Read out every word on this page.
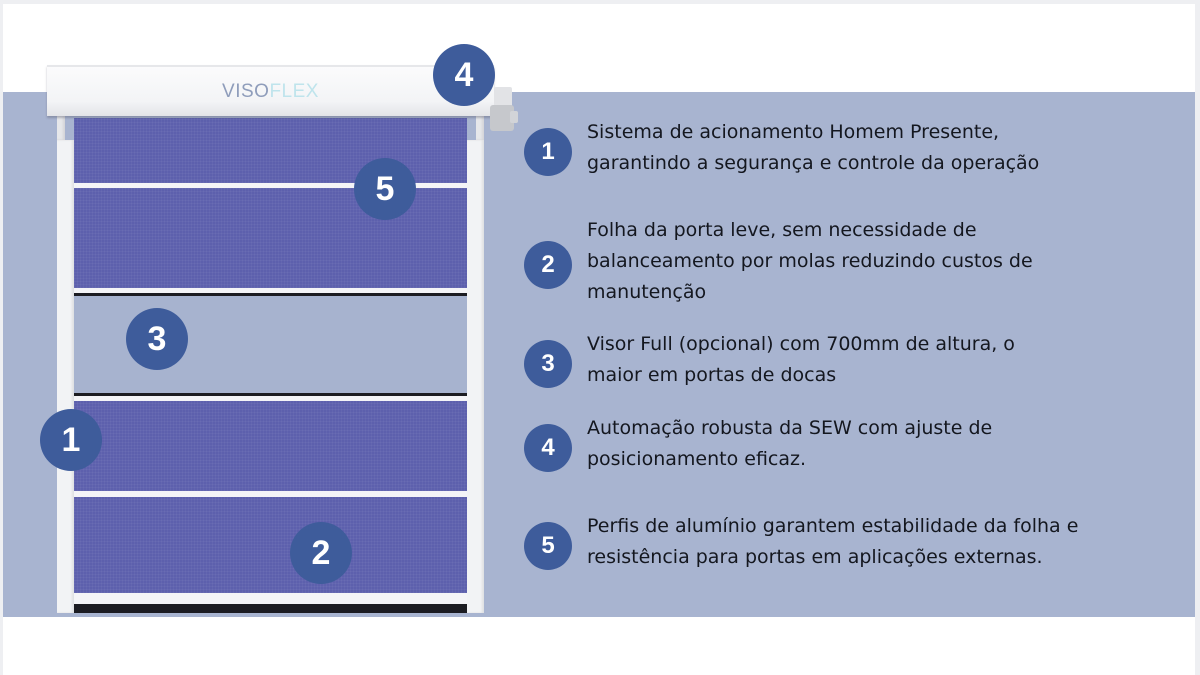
VISOFLEX	4
5
3
1
2
1
Sistema de acionamento Homem Presente,
garantindo a segurança e controle da operação
2
Folha da porta leve, sem necessidade de
balanceamento por molas reduzindo custos de
manutenção
3
Visor Full (opcional) com 700mm de altura, o
maior em portas de docas
4
Automação robusta da SEW com ajuste de
posicionamento eficaz.
5
Perfis de alumínio garantem estabilidade da folha e
resistência para portas em aplicações externas.
